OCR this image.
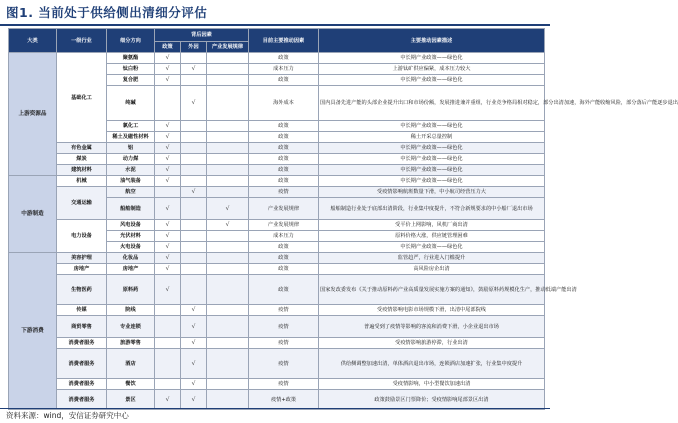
图1. 当前处于供给侧出清细分评估
大类	一级行业	细分方向	背后因素			目前主要推动因素	主要推动因素描述
			政策	外因	产业发展规律		
上游资源品	基础化工	聚氨酯	√			政策	中长期产业政策——绿色化
		钛白粉	√	√		成本压力	上游钛矿供应偏紧，成本压力较大
		复合肥	√			政策	中长期产业政策——绿色化
		纯碱		√		海外成本	国内具备先进产能的头部企业提升出口和市场份额，发展推进兼并重组，行业竞争格局相对稳定，部分出清加速，海外产能收缩风险，部分落后产能逐步退出
		氯化工	√			政策	中长期产业政策——绿色化
		稀土及磁性材料	√			政策	稀土开采总量控制
	有色金属	铝	√			政策	中长期产业政策——绿色化
	煤炭	动力煤	√			政策	中长期产业政策——绿色化
	建筑材料	水泥	√			政策	中长期产业政策——绿色化
中游制造	机械	油气装备	√			政策	中长期产业政策——绿色化
	交通运输	航空		√		疫情	受疫情影响航班数量下滑，中小航司经营压力大
		船舶制造	√		√	产业发展规律	船舶制造行业处于底部出清阶段，行业集中度提升，不符合新规要求的中小船厂退出市场
	电力设备	风电设备	√		√	产业发展规律	受平价上网影响，风机厂商出清
		光伏材料	√			成本压力	原料价格大涨，供应链管理困难
		火电设备	√			政策	中长期产业政策——绿色化
下游消费	美容护理	化妆品	√			政策	监管趋严，行业进入门槛提升
	房地产	房地产	√			政策	高风险房企出清
	生物医药	原料药	√			政策	国家发改委发布《关于推动原料药产业高质量发展实施方案的通知》，鼓励原料药规模化生产，推动低端产能出清
	传媒	院线		√		疫情	受疫情影响电影市场规模下滑，出清中尾部院线
	商贸零售	专业连锁		√		疫情	普遍受到了疫情等影响的客流和消费下滑，小企业退出市场
	消费者服务	旅游零售		√		疫情	受疫情影响旅游停滞，行业出清
	消费者服务	酒店		√		疫情	供给侧调整加速出清，单体酒店退出市场，连锁酒店加速扩张，行业集中度提升
	消费者服务	餐饮		√		疫情	受疫情影响，中小型餐饮加速出清
	消费者服务	景区	√	√		疫情+政策	政策鼓励景区门票降价；受疫情影响尾部景区出清
资料来源：wind，安信证券研究中心
